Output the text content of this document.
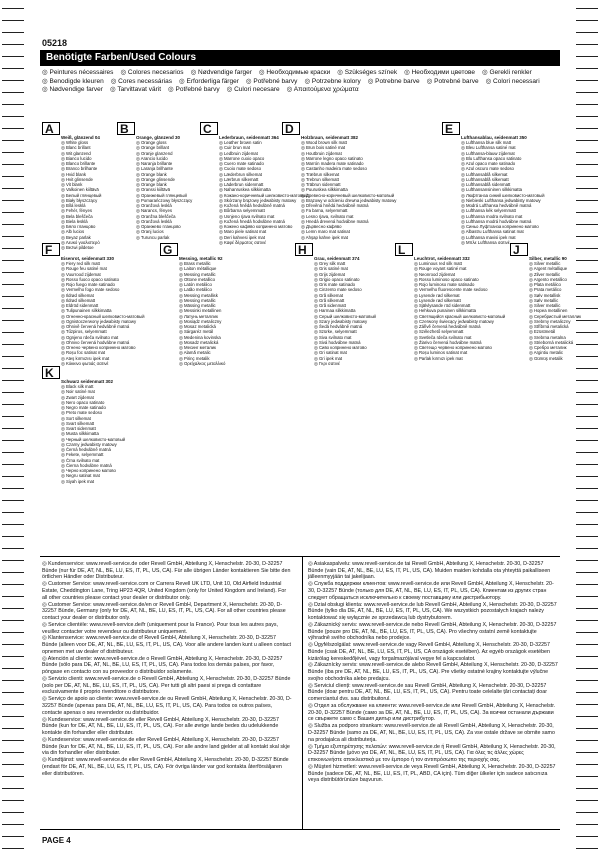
05218
Benötigte Farben/Used Colours
◎ Peintures nécessaires ◎ Colores necesarios ◎ Nødvendige farger ◎ Необходимые краски ◎ Szükséges színek ◎ Необходими цветове ◎ Gerekli renkler◎ Benodigde kleuren ◎ Cores necessárias ◎ Erforderliga färger ◎ Potřebné barvy ◎ Potrzebne kolory ◎ Potrebne barve ◎ Potrebné barve ◎ Colori necessari◎ Nødvendige farver ◎ Tarvittavat värit ◎ Potřebné barvy ◎ Culori necesare ◎ Απαιτούμενα χρώματα
A
Weiß, glänzend 04
◎ White gloss
◎ Blanc brillant
◎ Wit glanzend
◎ Bianco lucido
◎ Blanco brillante
◎ Branco brilhante
◎ Hvid blank
◎ Hvit glinsende
◎ Vit blank
◎ Valkoinen kiiltävä
◎ Белый глянцевый
◎ Biały błyszczący
◎ Bílá lesklá
◎ Fehér, fényes
◎ Bela bleščeča
◎ Biela lesklá
◎ Бяло гланцово
◎ Alb lucios
◎ Beyaz parlak
◎ Λευκό γυαλιστερό
◎ Bezwi pildetoe
B
Orange, glänzend 30
◎ Orange gloss
◎ Orange brillant
◎ Oranje glanzend
◎ Arancio lucido
◎ Naranja brillante
◎ Laranja brilhante
◎ Orange blank
◎ Orange glinsende
◎ Orange blank
◎ Oranssi kiiltävä
◎ Оранжевый глянцевый
◎ Pomarańczowy błyszczący
◎ Oranžová lesklá
◎ Narancs, fényes
◎ Oranžna bleščeča
◎ Oranžová lesklá
◎ Оранжево гланцово
◎ Oranj lucios
◎ Turuncu parlak
C
Lederbraun, seidenmatt 364
◎ Leather brown satin
◎ Cuir brun mat
◎ Ledbruin zijdemat
◎ Marrone cuoio opaco
◎ Cuero mate satinado
◎ Cuoio mate sedoso
◎ Læderbrun silkemat
◎ Lærbrun silkematt
◎ Läderbrun sidenmatt
◎ Nahanruskea silkkimatta
◎ Кожано-коричневый шелковисто-матовый
◎ Skórzany brązowy jedwabisty matowy
◎ Kožená hnědá hedvábně matná
◎ Bőrbarna selyemmatt
◎ Usnjeno rjava svilnato mat
◎ Kožená hnedá hodvábne matná
◎ Кожено кафяво копринено матово
◎ Maro piele satinat mat
◎ Deri kahvesi ipek mat
◎ Καφέ δέρματος σατινέ
D
Holzbraun, seidenmatt 382
◎ Wood brown silk matt
◎ Brun bois satiné mat
◎ Houtbruin zijdemat
◎ Marrone legno opaco satinato
◎ Marrón madera mate satinado
◎ Castanho madeira mate sedoso
◎ Træbrun silkemat
◎ Trebrun silkematt
◎ Träbrun sidenmatt
◎ Puuruskea silkkimatta
◎ Древесно-коричневый шелковисто-матовый
◎ Brązowy w odcieniu drewna jedwabisty matowy
◎ Dřevěná hnědá hedvábně matná
◎ Fa barna, selyemmatt
◎ Lesno rjava, svilnato mat
◎ Hnedá drevená hodvábne matná
◎ Дървесно кафяво
◎ Lemn maro mat satinat
◎ Ahşap kahve ipek mat
E
Lufthansablau, seidenmatt 350
◎ Lufthansa blue silk matt
◎ Bleu Lufthansa satiné mat
◎ Lufthansa-blauw zijdemat
◎ Blu Lufthansa opaco satinato
◎ Azul opaco mate satinado
◎ Azul oscuro mate sedoso
◎ Lufthansablå silkemat
◎ Lufthansablå silkematt
◎ Lufthansablå sidenmatt
◎ Lufthansansininen silkkimatta
◎ Люфтганза синий шелковисто-матовый
◎ Niebieski Lufthansa jedwabisty matowy
◎ Modrá Lufthansa hedvábně matná
◎ Lufthansa kék selyemmatt
◎ Lufthansa modra svilnato mat
◎ Lufthansa modrá hodvábne matná
◎ Синьо Луфтханза копринено матово
◎ Albastru Lufthansa satinat mat
◎ Lufthansa mavisi ipek mat
◎ Μπλε Lufthansa σατινέ
F
Eisenrot, seidenmatt 330
◎ Fiery red silk matt
◎ Rouge feu satiné mat
◎ Vuurrood zijdemat
◎ Rosso fuoco opaco satinato
◎ Rojo fuego mate satinado
◎ Vermelho fogo mate sedoso
◎ Ildrød silkemat
◎ Ildrød silkematt
◎ Eldröd sidenmatt
◎ Tulipunainen silkkimatta
◎ Огненно-красный шелковисто-матовый
◎ Ognistoczerwony jedwabisty matowy
◎ Ohnivě červená hedvábně matná
◎ Tűzpiros, selyemmatt
◎ Ognjeno rdeča svilnato mat
◎ Ohnivo červená hodvábne matná
◎ Огнено червено копринено матово
◎ Roșu foc satinat mat
◎ Ateş kırmızısı ipek mat
◎ Κόκκινο φωτιάς σατινέ
G
Messing, metallic 92
◎ Brass metallic
◎ Laiton métallique
◎ Messing metallic
◎ Ottone metallico
◎ Latón metálico
◎ Latão metálico
◎ Messing metallisk
◎ Messing metallic
◎ Mässing metallic
◎ Messinki metallinen
◎ Латунь металлик
◎ Mosiądz metaliczny
◎ Mosaz metalická
◎ Sárgaréz metál
◎ Medenina kovinska
◎ Mosadz metalická
◎ Месинг металик
◎ Alamă metalic
◎ Pirinç metalik
◎ Ορείχαλκος μεταλλικό
H
Grau, seidenmatt 374
◎ Grey silk matt
◎ Gris satiné mat
◎ Grijs zijdemat
◎ Grigio opaco satinato
◎ Gris mate satinado
◎ Cinzento mate sedoso
◎ Grå silkemat
◎ Grå silkematt
◎ Grå sidenmatt
◎ Harmaa silkkimatta
◎ Серый шелковисто-матовый
◎ Szary jedwabisty matowy
◎ Šedá hedvábně matná
◎ Szürke, selyemmatt
◎ Siva svilnato mat
◎ Sivá hodvábne matná
◎ Сиво копринено матово
◎ Gri satinat mat
◎ Gri ipek mat
◎ Γκρι σατινέ
L
Leuchtrot, seidenmatt 332
◎ Luminous red silk matt
◎ Rouge voyant satiné mat
◎ Neonrood zijdemat
◎ Rosso luminoso opaco satinato
◎ Rojo luminoso mate satinado
◎ Vermelho fluorescente mate sedoso
◎ Lysende rød silkemat
◎ Lysende rød silkematt
◎ Självlysande röd sidenmatt
◎ Hehkuva punainen silkkimatta
◎ Светящийся красный шелковисто-матовый
◎ Czerwony świecący jedwabisty matowy
◎ Zářivě červená hedvábně matná
◎ Szélezhető selyemmatt
◎ Svetleča rdeča svilnato mat
◎ Žiarivo červená hodvábne matná
◎ Светещо червено копринено матово
◎ Roșu luminos satinat mat
◎ Parlak kırmızı ipek mat
J
Silber, metallic 90
◎ Silver metallic
◎ Argent métallique
◎ Zilver metallic
◎ Argento metallico
◎ Plata metálico
◎ Prata metálico
◎ Sølv metallisk
◎ Sølv metallic
◎ Silver metallic
◎ Hopea metallinen
◎ Серебристый металлик
◎ Srebrny metaliczny
◎ Stříbrná metalická
◎ Ezüstmetál
◎ Srebrna metalna
◎ Strieborná metalická
◎ Сребро металик
◎ Argintiu metalic
◎ Gümüş metalik
K
Schwarz seidenmatt 302
◎ Black silk matt
◎ Noir satiné mat
◎ Zwart zijdemat
◎ Nero opaco satinato
◎ Negro mate satinado
◎ Preto mate sedoso
◎ Sort silkemat
◎ Svart silkematt
◎ Svart sidenmatt
◎ Musta silkkimatta
◎ Черный шелковисто-матовый
◎ Czarny jedwabisty matowy
◎ Černá hedvábně matná
◎ Fekete, selyemmatt
◎ Črna svilnato mat
◎ Čierna hodvábne matná
◎ Черно копринено матово
◎ Negru satinat mat
◎ Siyah ipek mat

◎ Kundenservice: www.revell-service.de oder Revell GmbH, Abteilung X, Henschelstr. 20-30, D-32257 Bünde (nur für DE, AT, NL, BE, LU, ES, IT, PL, US, CA). Für alle übrigen Länder kontaktieren Sie bitte den örtlichen Händler oder Distributeur.

◎ Customer Service: www.revell-service.com or Carrera Revell UK LTD, Unit 10, Old Airfield Industrial Estate, Cheddington Lane, Tring HP23 4QR, United Kingdom (only for United Kingdom and Ireland). For all other countries please contact your dealer or distributor only.

◎ Customer Service: www.revell-service.de/en or Revell GmbH, Department X, Henschelstr. 20-30, D-32257 Bünde, Germany (only for DE, AT, NL, BE, LU, ES, IT, PL, US, CA). For all other countries please contact your dealer or distributor only.

◎ Service clientèle: www.revell-service.de/fr (uniquement pour la France). Pour tous les autres pays, veuillez contacter votre revendeur ou distributeur uniquement.

◎ Klantenservice: www.revell-service.de of Revell GmbH, Abteilung X, Henschelstr. 20-30, D-32257 Bünde (alleen voor DE, AT, NL, BE, LU, ES, IT, PL, US, CA). Voor alle andere landen kunt u alleen contact opnemen met uw dealer of distributeur.

◎ Atención al cliente: www.revell-service.de o Revell GmbH, Abteilung X, Henschelstr. 20-30, D-32257 Bünde (sólo para DE, AT, NL, BE, LU, ES, IT, PL, US, CA). Para todos los demás países, por favor, póngase en contacto con su proveedor o distribuidor solamente.

◎ Servizio clienti: www.revell-service.de o Revell GmbH, Abteilung X, Henschelstr. 20-30, D-32257 Bünde (solo per DE, AT, NL, BE, LU, ES, IT, PL, US, CA). Per tutti gli altri paesi si prega di contattare esclusivamente il proprio rivenditore o distributore.

◎ Serviço de apoio ao cliente: www.revell-service.de ou Revell GmbH, Abteilung X, Henschelstr. 20-30, D-32257 Bünde (apenas para DE, AT, NL, BE, LU, ES, IT, PL, US, CA). Para todos os outros países, contacte apenas o seu revendedor ou distribuidor.

◎ Kundeservice: www.revell-service.de eller Revell GmbH, Abteilung X, Henschelstr. 20-30, D-32257 Bünde (kun for DE, AT, NL, BE, LU, ES, IT, PL, US, CA). For alle øvrige lande bedes du udelukkende kontakte din forhandler eller distributør.

◎ Kundeservice: www.revell-service.de eller Revell GmbH, Abteilung X, Henschelstr. 20-30, D-32257 Bünde (kun for DE, AT, NL, BE, LU, ES, IT, PL, US, CA). For alle andre land gjelder at all kontakt skal skje via din forhandler eller distributør.

◎ Kundtjänst: www.revell-service.de eller Revell GmbH, Abteilung X, Henschelstr. 20-30, D-32257 Bünde (endast för DE, AT, NL, BE, LU, ES, IT, PL, US, CA). För övriga länder var god kontakta återförsäljaren eller distributören.

◎ Asiakaspalvelu: www.revell-service.de tai Revell GmbH, Abteilung X, Henschelstr. 20-30, D-32257 Bünde (vain DE, AT, NL, BE, LU, ES, IT, PL, US, CA). Muiden maiden kohdalla ota yhteyttä paikalliseen jälleenmyyjään tai jakelijaan.

◎ Служба поддержки клиентов: www.revell-service.de или Revell GmbH, Abteilung X, Henschelstr. 20-30, D-32257 Bünde (только для DE, AT, NL, BE, LU, ES, IT, PL, US, CA). Клиентам из других стран следует обращаться исключительно к своему поставщику или дистрибьютору.

◎ Dział obsługi klienta: www.revell-service.de lub Revell GmbH, Abteilung X, Henschelstr. 20-30, D-32257 Bünde (tylko dla DE, AT, NL, BE, LU, ES, IT, PL, US, CA). We wszystkich pozostałych krajach należy kontaktować się wyłącznie ze sprzedawcą lub dystrybutorem.

◎ Zákaznický servis: www.revell-service.de nebo Revell GmbH, Abteilung X, Henschelstr. 20-30, D-32257 Bünde (pouze pro DE, AT, NL, BE, LU, ES, IT, PL, US, CA). Pro všechny ostatní země kontaktujte výhradně svého obchodníka nebo prodejce.

◎ Ügyfélszolgálat: www.revell-service.de vagy Revell GmbH, Abteilung X, Henschelstr. 20-30, D-32257 Bünde (csak DE, AT, NL, BE, LU, ES, IT, PL, US, CA országok esetében). Az egyéb országok esetében kizárólag kereskedőjével, vagy forgalmazójával vegye fel a kapcsolatot.

◎ Zákaznícky servis: www.revell-service.de alebo Revell GmbH, Abteilung X, Henschelstr. 20-30, D-32257 Bünde (iba pre DE, AT, NL, BE, LU, ES, IT, PL, US, CA). Pre všetky ostatné krajiny kontaktujte výlučne svojho obchodníka alebo predajcu.

◎ Serviciul clienți: www.revell-service.de sau Revell GmbH, Abteilung X, Henschelstr. 20-30, D-32257 Bünde (doar pentru DE, AT, NL, BE, LU, ES, IT, PL, US, CA). Pentru toate celelalte țări contactați doar comerciantul dvs. sau distribuitorul.

◎ Отдел за обслужване на клиенти: www.revell-service.de или Revell GmbH, Abteilung X, Henschelstr. 20-30, D-32257 Bünde (само за DE, AT, NL, BE, LU, ES, IT, PL, US, CA). За всички останали държави се свържете само с Вашия дилър или дистрибутор.

◎ Služba za podporo strankam: www.revell-service.de ali Revell GmbH, Abteilung X, Henschelstr. 20-30, D-32257 Bünde (samo za DE, AT, NL, BE, LU, ES, IT, PL, US, CA). Za vse ostale države se obrnite samo na prodajalca ali distributerja.

◎ Τμήμα εξυπηρέτησης πελατών: www.revell-service.de ή Revell GmbH, Abteilung X, Henschelstr. 20-30, D-32257 Bünde (μόνο για DE, AT, NL, BE, LU, ES, IT, PL, US, CA). Για όλες τις άλλες χώρες επικοινωνήστε αποκλειστικά με τον έμπορο ή τον αντιπρόσωπο της περιοχής σας.

◎ Müşteri hizmetleri: www.revell-service.de veya Revell GmbH, Abteilung X, Henschelstr. 20-30, D-32257 Bünde (sadece DE, AT, NL, BE, LU, ES, IT, PL, ABD, CA için). Tüm diğer ülkeler için sadece satıcınıza veya distribütörünüze başvurun.

PAGE 4
